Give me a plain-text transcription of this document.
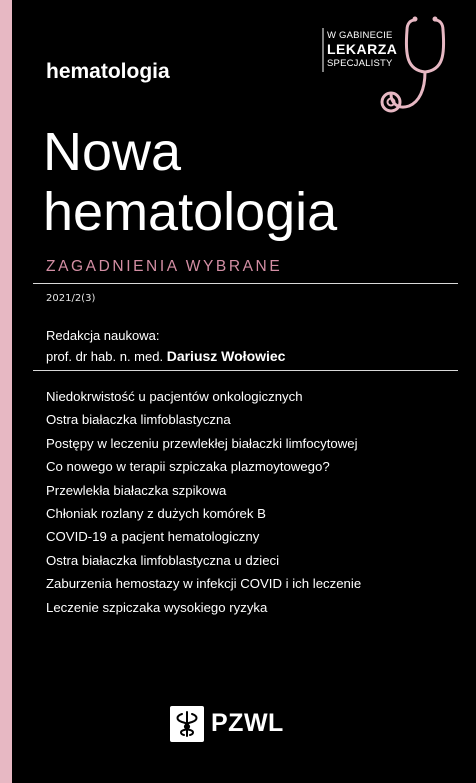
W GABINECIE
LEKARZA
SPECJALISTY
hematologia
Nowa
hematologia
ZAGADNIENIA WYBRANE
2021/2(3)
Redakcja naukowa:
prof. dr hab. n. med. Dariusz Wołowiec
Niedokrwistość u pacjentów onkologicznych
Ostra białaczka limfoblastyczna
Postępy w leczeniu przewlekłej białaczki limfocytowej
Co nowego w terapii szpiczaka plazmoytowego?
Przewlekła białaczka szpikowa
Chłoniak rozlany z dużych komórek B
COVID-19 a pacjent hematologiczny
Ostra białaczka limfoblastyczna u dzieci
Zaburzenia hemostazy w infekcji COVID i ich leczenie
Leczenie szpiczaka wysokiego ryzyka
PZWL
